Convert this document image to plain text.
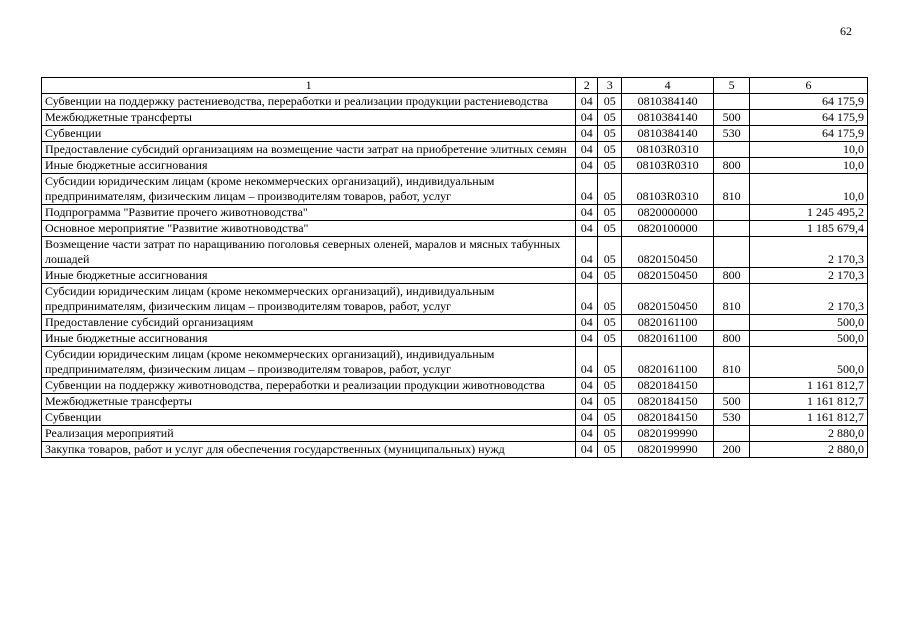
62
1	2	3	4	5	6
Субвенции на поддержку растениеводства, переработки и реализации продукции растениеводства	04	05	0810384140		64 175,9
Межбюджетные трансферты	04	05	0810384140	500	64 175,9
Субвенции	04	05	0810384140	530	64 175,9
Предоставление субсидий организациям на возмещение части затрат на приобретение элитных семян	04	05	08103R0310		10,0
Иные бюджетные ассигнования	04	05	08103R0310	800	10,0
Субсидии юридическим лицам (кроме некоммерческих организаций), индивидуальным предпринимателям, физическим лицам – производителям товаров, работ, услуг	04	05	08103R0310	810	10,0
Подпрограмма "Развитие прочего животноводства"	04	05	0820000000		1 245 495,2
Основное мероприятие "Развитие животноводства"	04	05	0820100000		1 185 679,4
Возмещение части затрат по наращиванию поголовья северных оленей, маралов и мясных табунных лошадей	04	05	0820150450		2 170,3
Иные бюджетные ассигнования	04	05	0820150450	800	2 170,3
Субсидии юридическим лицам (кроме некоммерческих организаций), индивидуальным предпринимателям, физическим лицам – производителям товаров, работ, услуг	04	05	0820150450	810	2 170,3
Предоставление субсидий организациям	04	05	0820161100		500,0
Иные бюджетные ассигнования	04	05	0820161100	800	500,0
Субсидии юридическим лицам (кроме некоммерческих организаций), индивидуальным предпринимателям, физическим лицам – производителям товаров, работ, услуг	04	05	0820161100	810	500,0
Субвенции на поддержку животноводства, переработки и реализации продукции животноводства	04	05	0820184150		1 161 812,7
Межбюджетные трансферты	04	05	0820184150	500	1 161 812,7
Субвенции	04	05	0820184150	530	1 161 812,7
Реализация мероприятий	04	05	0820199990		2 880,0
Закупка товаров, работ и услуг для обеспечения государственных (муниципальных) нужд	04	05	0820199990	200	2 880,0
